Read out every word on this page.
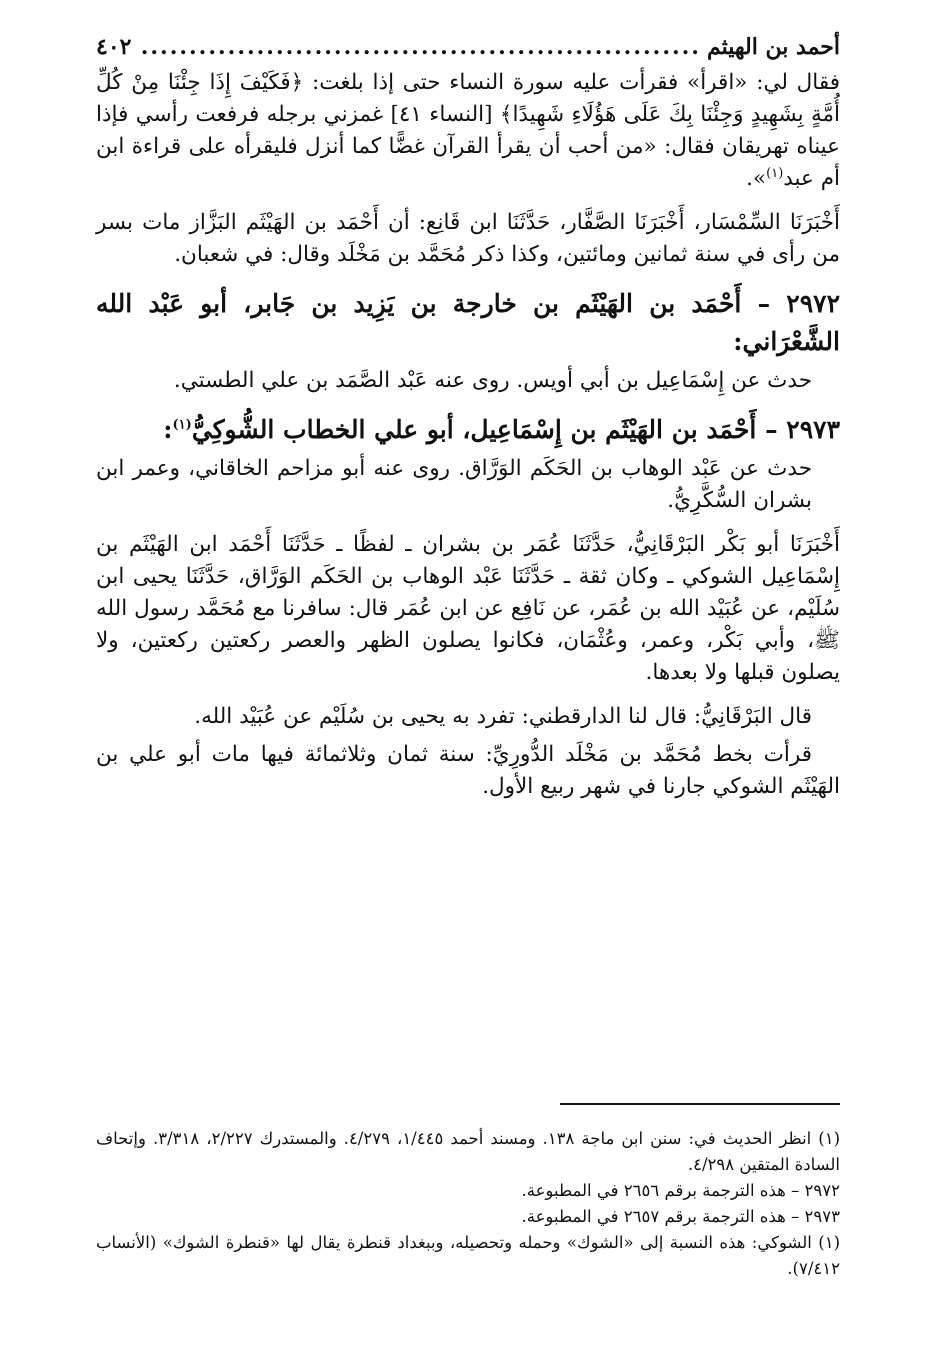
أحمد بن الهيثم
.....
٤٠٢

فقال لي: «اقرأ» فقرأت عليه سورة النساء حتى إذا بلغت: ﴿فَكَيْفَ إِذَا جِئْنَا مِنْ كُلِّ أُمَّةٍ بِشَهِيدٍ وَجِئْنَا بِكَ عَلَى هَؤُلَاءِ شَهِيدًا﴾ [النساء ٤١] غمزني برجله فرفعت رأسي فإذا عيناه تهريقان فقال: «من أحب أن يقرأ القرآن غضًّا كما أنزل فليقرأه على قراءة ابن أم عبد$^{(١)}$».

أَخْبَرَنَا السِّمْسَار، أَخْبَرَنَا الصَّفَّار، حَدَّثَنَا ابن قَانِع: أن أَحْمَد بن الهَيْثَم البَزَّاز مات بسر من رأى في سنة ثمانين ومائتين، وكذا ذكر مُحَمَّد بن مَخْلَد وقال: في شعبان.

٢٩٧٢ – أَحْمَد بن الهَيْثَم بن خارجة بن يَزِيد بن جَابر، أبو عَبْد الله الشَّعْرَاني:

حدث عن إِسْمَاعِيل بن أبي أويس. روى عنه عَبْد الصَّمَد بن علي الطستي.

٢٩٧٣ – أَحْمَد بن الهَيْثَم بن إِسْمَاعِيل، أبو علي الخطاب الشُّوكِيُّ$^{(١)}$:

حدث عن عَبْد الوهاب بن الحَكَم الوَرَّاق. روى عنه أبو مزاحم الخاقاني، وعمر ابن بشران السُّكَّرِيُّ.

أَخْبَرَنَا أبو بَكْر البَرْقَانِيُّ، حَدَّثَنَا عُمَر بن بشران ـ لفظًا ـ حَدَّثَنَا أَحْمَد ابن الهَيْثَم بن إِسْمَاعِيل الشوكي ـ وكان ثقة ـ حَدَّثَنَا عَبْد الوهاب بن الحَكَم الوَرَّاق، حَدَّثَنَا يحيى ابن سُلَيْم، عن عُبَيْد الله بن عُمَر، عن نَافِع عن ابن عُمَر قال: سافرنا مع مُحَمَّد رسول الله ﷺ، وأبي بَكْر، وعمر، وعُثْمَان، فكانوا يصلون الظهر والعصر ركعتين ركعتين، ولا يصلون قبلها ولا بعدها.

قال البَرْقَانِيُّ: قال لنا الدارقطني: تفرد به يحيى بن سُلَيْم عن عُبَيْد الله.

قرأت بخط مُحَمَّد بن مَخْلَد الدُّورِيِّ: سنة ثمان وثلاثمائة فيها مات أبو علي بن الهَيْثَم الشوكي جارنا في شهر ربيع الأول.

(١) انظر الحديث في: سنن ابن ماجة ١٣٨. ومسند أحمد ١/٤٤٥، ٤/٢٧٩. والمستدرك ٢/٢٢٧، ٣/٣١٨. وإتحاف السادة المتقين ٤/٢٩٨.

٢٩٧٢ – هذه الترجمة برقم ٢٦٥٦ في المطبوعة.

٢٩٧٣ – هذه الترجمة برقم ٢٦٥٧ في المطبوعة.

(١) الشوكي: هذه النسبة إلى «الشوك» وحمله وتحصيله، وببغداد قنطرة يقال لها «قنطرة الشوك» (الأنساب ٧/٤١٢).
